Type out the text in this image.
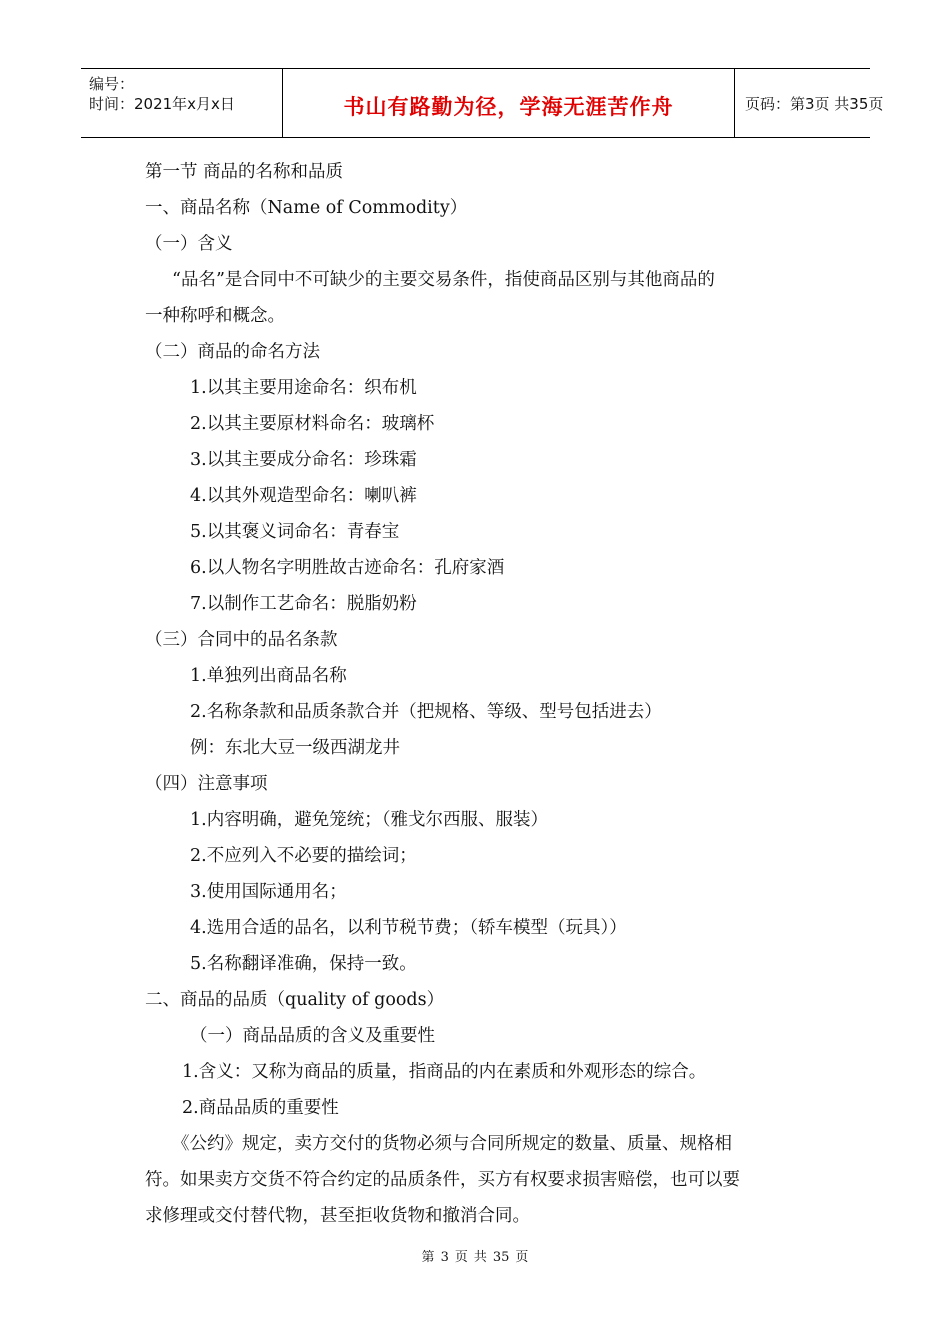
编号：
时间：2021年x月x日	书山有路勤为径，学海无涯苦作舟	页码：第3页 共35页
第一节 商品的名称和品质
一、商品名称（Name of Commodity）
（一）含义
“品名”是合同中不可缺少的主要交易条件，指使商品区别与其他商品的
一种称呼和概念。
（二）商品的命名方法
1.以其主要用途命名：织布机
2.以其主要原材料命名：玻璃杯
3.以其主要成分命名：珍珠霜
4.以其外观造型命名：喇叭裤
5.以其褒义词命名：青春宝
6.以人物名字明胜故古迹命名：孔府家酒
7.以制作工艺命名：脱脂奶粉
（三）合同中的品名条款
1.单独列出商品名称
2.名称条款和品质条款合并（把规格、等级、型号包括进去）
例：东北大豆一级西湖龙井
（四）注意事项
1.内容明确，避免笼统；（雅戈尔西服、服装）
2.不应列入不必要的描绘词；
3.使用国际通用名；
4.选用合适的品名，以利节税节费；（轿车模型（玩具））
5.名称翻译准确，保持一致。
二、商品的品质（quality of goods）
（一）商品品质的含义及重要性
1.含义：又称为商品的质量，指商品的内在素质和外观形态的综合。
2.商品品质的重要性
《公约》规定，卖方交付的货物必须与合同所规定的数量、质量、规格相
符。如果卖方交货不符合约定的品质条件，买方有权要求损害赔偿，也可以要
求修理或交付替代物，甚至拒收货物和撤消合同。
第 3 页 共 35 页
